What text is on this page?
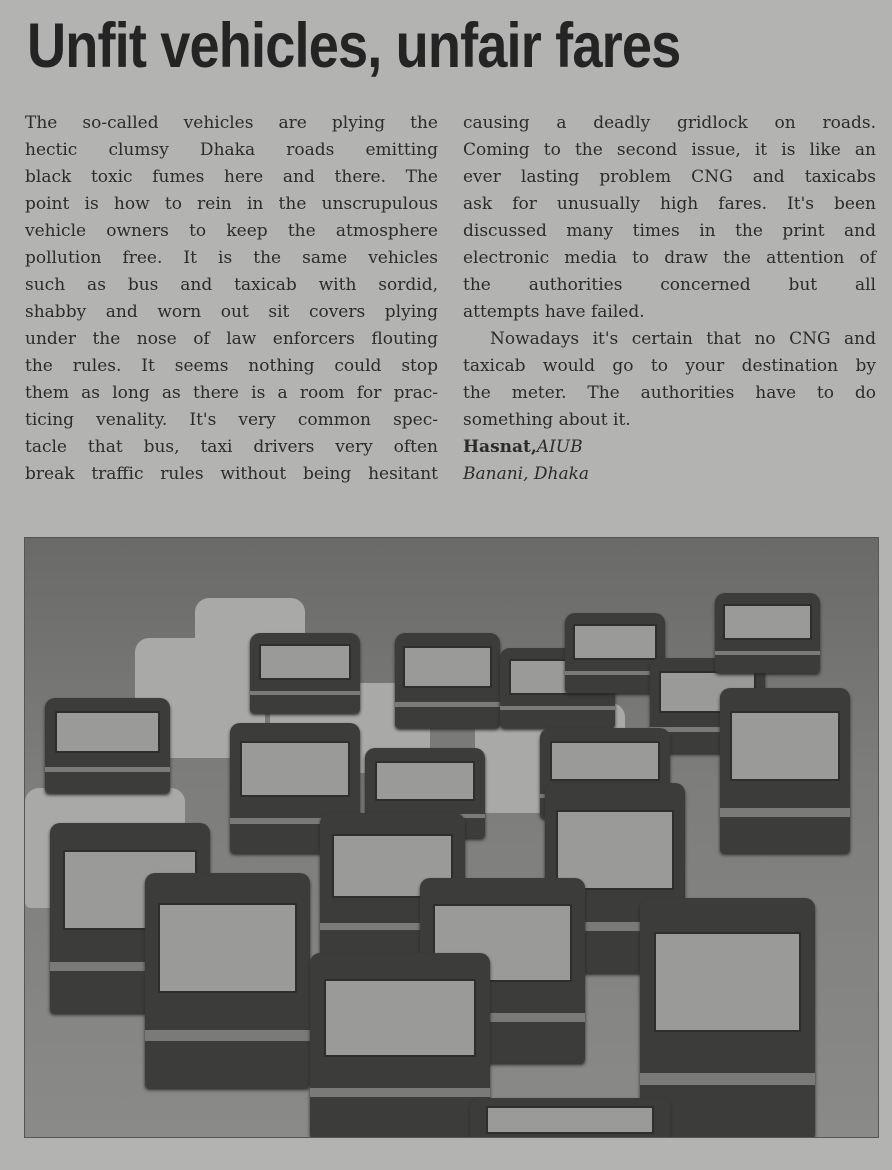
Unfit vehicles, unfair fares
The so-called vehicles are plying the
hectic clumsy Dhaka roads emitting
black toxic fumes here and there. The
point is how to rein in the unscrupulous
vehicle owners to keep the atmosphere
pollution free. It is the same vehicles
such as bus and taxicab with sordid,
shabby and worn out sit covers plying
under the nose of law enforcers flouting
the rules. It seems nothing could stop
them as long as there is a room for prac-
ticing venality. It's very common spec-
tacle that bus, taxi drivers very often
break traffic rules without being hesitant
causing a deadly gridlock on roads.
Coming to the second issue, it is like an
ever lasting problem CNG and taxicabs
ask for unusually high fares. It's been
discussed many times in the print and
electronic media to draw the attention of
the authorities concerned but all
attempts have failed.
Nowadays it's certain that no CNG and
taxicab would go to your destination by
the meter. The authorities have to do
something about it.
Hasnat,AIUB
Banani, Dhaka
